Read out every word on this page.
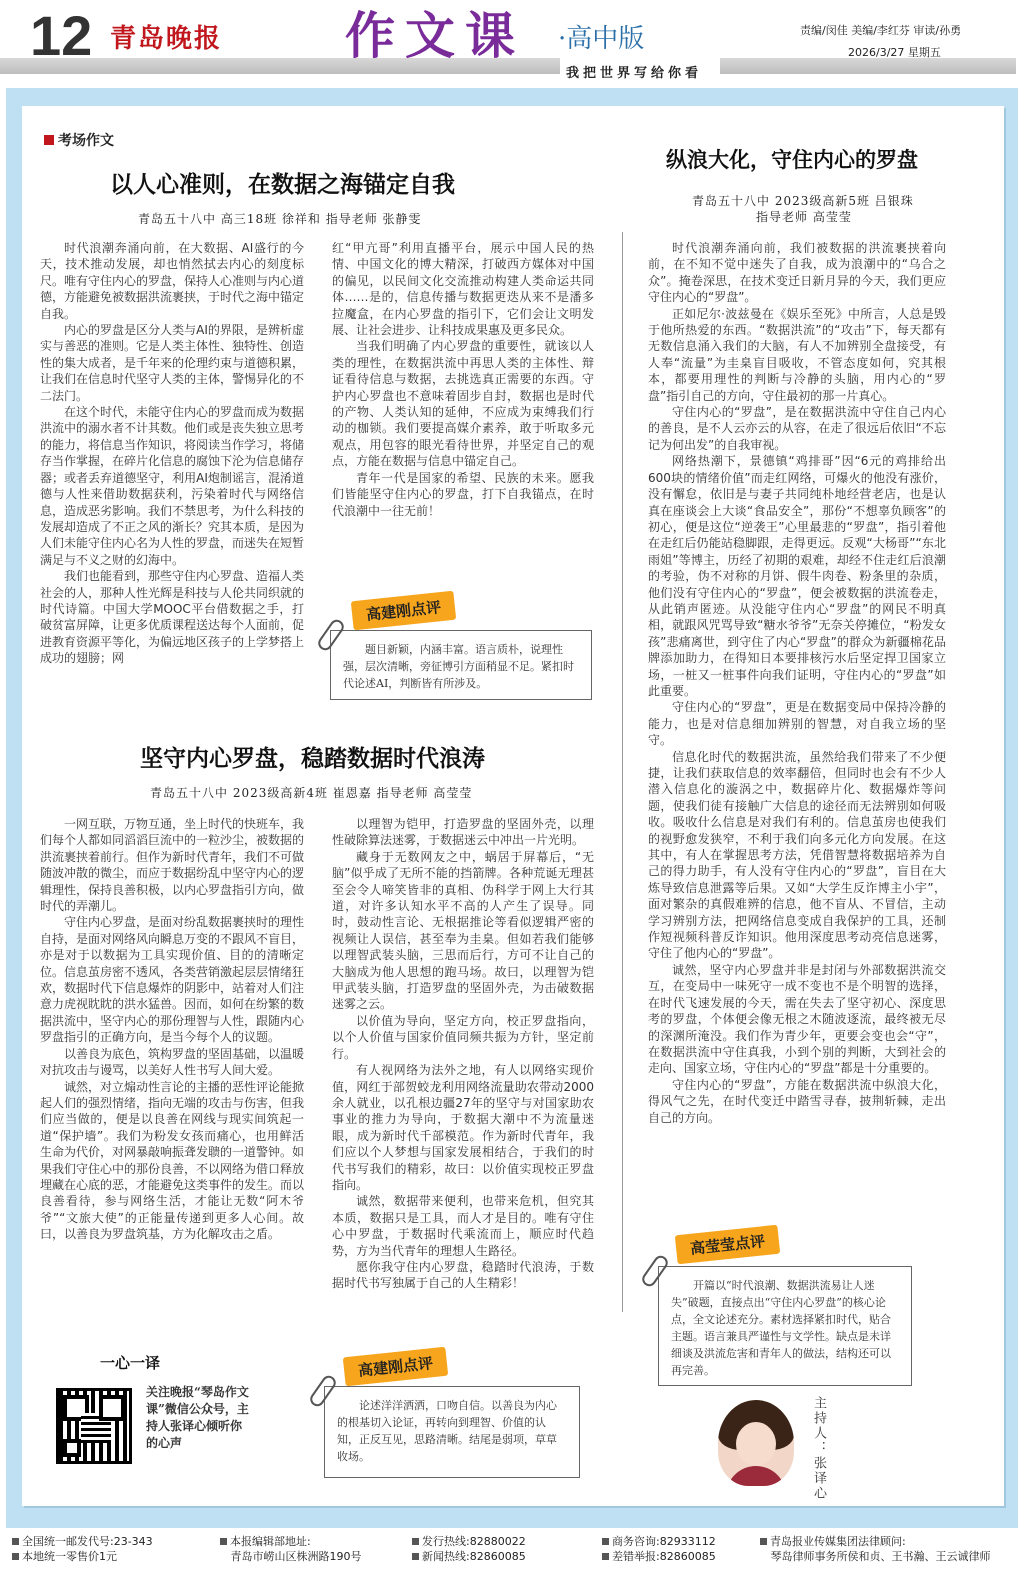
12 青岛晚报 作文课 ·高中版
我把世界写给你看
责编/闵佳 美编/李红芬 审读/孙勇
2026/3/27 星期五
考场作文
以人心准则，在数据之海锚定自我
青岛五十八中 高三18班 徐祥和 指导老师 张静雯

时代浪潮奔涌向前，在大数据、AI盛行的今天，技术推动发展，却也悄然拭去内心的刻度标尺。唯有守住内心的罗盘，保持人心准则与内心道德，方能避免被数据洪流裹挟，于时代之海中锚定自我。

内心的罗盘是区分人类与AI的界限，是辨析虚实与善恶的准则。它是人类主体性、独特性、创造性的集大成者，是千年来的伦理约束与道德积累，让我们在信息时代坚守人类的主体，警惕异化的不二法门。

在这个时代，未能守住内心的罗盘而成为数据洪流中的溺水者不计其数。他们或是丧失独立思考的能力，将信息当作知识，将阅读当作学习，将储存当作掌握，在碎片化信息的腐蚀下沦为信息储存器；或者丢弃道德坚守，利用AI炮制谣言，混淆道德与人性来借助数据获利，污染着时代与网络信息，造成恶劣影响。我们不禁思考，为什么科技的发展却造成了不正之风的渐长？究其本质，是因为人们未能守住内心名为人性的罗盘，而迷失在短暂满足与不义之财的幻海中。

我们也能看到，那些守住内心罗盘、造福人类社会的人，那种人性光辉是科技与人伦共同织就的时代诗篇。中国大学MOOC平台借数据之手，打破贫富屏障，让更多优质课程送达每个人面前，促进教育资源平等化，为偏远地区孩子的上学梦搭上成功的翅膀；网

红“甲亢哥”利用直播平台，展示中国人民的热情、中国文化的博大精深，打破西方媒体对中国的偏见，以民间文化交流推动构建人类命运共同体……是的，信息传播与数据更迭从来不是潘多拉魔盒，在内心罗盘的指引下，它们会让文明发展、让社会进步、让科技成果惠及更多民众。

当我们明确了内心罗盘的重要性，就该以人类的理性，在数据洪流中再思人类的主体性、辩证看待信息与数据，去挑选真正需要的东西。守护内心罗盘也不意味着固步自封，数据也是时代的产物、人类认知的延伸，不应成为束缚我们行动的枷锁。我们要提高媒介素养，敢于听取多元观点，用包容的眼光看待世界，并坚定自己的观点，方能在数据与信息中锚定自己。

青年一代是国家的希望、民族的未来。愿我们皆能坚守住内心的罗盘，打下自我锚点，在时代浪潮中一往无前！

题目新颖，内涵丰富。语言质朴，说理性强，层次清晰，旁征博引方面稍显不足。紧扣时代论述AI，判断皆有所涉及。
高建刚点评
坚守内心罗盘，稳踏数据时代浪涛
青岛五十八中 2023级高新4班 崔恩嘉 指导老师 高莹莹

一网互联，万物互通，坐上时代的快班车，我们每个人都如同滔滔巨流中的一粒沙尘，被数据的洪流裹挟着前行。但作为新时代青年，我们不可做随波冲散的微尘，而应于数据纷乱中坚守内心的逻辑理性，保持良善积极，以内心罗盘指引方向，做时代的弄潮儿。

守住内心罗盘，是面对纷乱数据裹挟时的理性自持，是面对网络风向瞬息万变的不跟风不盲目，亦是对于以数据为工具实现价值、目的的清晰定位。信息茧房密不透风，各类营销激起层层情绪狂欢，数据时代下信息爆炸的阴影中，站着对人们注意力虎视眈眈的洪水猛兽。因而，如何在纷繁的数据洪流中，坚守内心的那份理智与人性，跟随内心罗盘指引的正确方向，是当今每个人的议题。

以善良为底色，筑构罗盘的坚固基础，以温暖对抗攻击与谩骂，以美好人性书写人间大爱。

诚然，对立煽动性言论的主播的恶性评论能掀起人们的强烈情绪，指向无端的攻击与伤害，但我们应当做的，便是以良善在网线与现实间筑起一道“保护墙”。我们为粉发女孩而痛心，也用鲜活生命为代价，对网暴敲响振聋发聩的一道警钟。如果我们守住心中的那份良善，不以网络为借口释放埋藏在心底的恶，才能避免这类事件的发生。而以良善看待，参与网络生活，才能让无数“阿木爷爷”“文旅大使”的正能量传递到更多人心间。故曰，以善良为罗盘筑基，方为化解攻击之盾。

以理智为铠甲，打造罗盘的坚固外壳，以理性破除算法迷雾，于数据迷云中冲出一片光明。

藏身于无数网友之中，蜗居于屏幕后，“无脑”似乎成了无所不能的挡箭牌。各种荒诞无理甚至会令人啼笑皆非的真相、伪科学于网上大行其道，对许多认知水平不高的人产生了误导。同时，鼓动性言论、无根据推论等看似逻辑严密的视频让人误信，甚至奉为圭臬。但如若我们能够以理智武装头脑，三思而后行，方可不让自己的大脑成为他人思想的跑马场。故曰，以理智为铠甲武装头脑，打造罗盘的坚固外壳，为击破数据迷雾之云。

以价值为导向，坚定方向，校正罗盘指向，以个人价值与国家价值同频共振为方针，坚定前行。

有人视网络为法外之地，有人以网络实现价值，网红于部贺蛟龙利用网络流量助农带动2000余人就业，以孔根边疆27年的坚守与对国家助农事业的推力为导向，于数据大潮中不为流量迷眼，成为新时代千部模范。作为新时代青年，我们应以个人梦想与国家发展相结合，于我们的时代书写我们的精彩，故曰：以价值实现校正罗盘指向。

诚然，数据带来便利，也带来危机，但究其本质，数据只是工具，而人才是目的。唯有守住心中罗盘，于数据时代乘流而上，顺应时代趋势，方为当代青年的理想人生路径。

愿你我守住内心罗盘，稳踏时代浪涛，于数据时代书写独属于自己的人生精彩！

论述洋洋洒洒，口吻自信。以善良为内心的根基切入论证，再转向到理智、价值的认知，正反互见，思路清晰。结尾是弱项，草草收场。
高建刚点评
一心一译
关注晚报“琴岛作文课”微信公众号，主持人张译心倾听你的心声
纵浪大化，守住内心的罗盘
青岛五十八中 2023级高新5班 吕银珠
指导老师 高莹莹

时代浪潮奔涌向前，我们被数据的洪流裹挟着向前，在不知不觉中迷失了自我，成为浪潮中的“乌合之众”。掩卷深思，在技术变迁日新月异的今天，我们更应守住内心的“罗盘”。

正如尼尔·波兹曼在《娱乐至死》中所言，人总是毁于他所热爱的东西。“数据洪流”的“攻击”下，每天都有无数信息涌入我们的大脑，有人不加辨别全盘接受，有人奉“流量”为圭臬盲目吸收，不管态度如何，究其根本，都要用理性的判断与冷静的头脑，用内心的“罗盘”指引自己的方向，守住最初的那一片真心。

守住内心的“罗盘”，是在数据洪流中守住自己内心的善良，是不人云亦云的从容，在走了很远后依旧“不忘记为何出发”的自我审视。

网络热潮下，景德镇“鸡排哥”因“6元的鸡排给出600块的情绪价值”而走红网络，可爆火的他没有涨价，没有懈怠，依旧是与妻子共同纯朴地经营老店，也是认真在座谈会上大谈“食品安全”，那份“不想辜负顾客”的初心，便是这位“逆袭王”心里最悲的“罗盘”，指引着他在走红后仍能站稳脚跟，走得更远。反观“大杨哥”“东北雨姐”等博主，历经了初期的艰难，却经不住走红后浪潮的考验，伪不对称的月饼、假牛肉卷、粉条里的杂质，他们没有守住内心的“罗盘”，便会被数据的洪流卷走，从此销声匿迹。从没能守住内心“罗盘”的网民不明真相，就跟风咒骂导致“糖水爷爷”无奈关停摊位，“粉发女孩”悲痛离世，到守住了内心“罗盘”的群众为新疆棉花品牌添加助力，在得知日本要排核污水后坚定捍卫国家立场，一桩又一桩事件向我们证明，守住内心的“罗盘”如此重要。

守住内心的“罗盘”，更是在数据变局中保持冷静的能力，也是对信息细加辨别的智慧，对自我立场的坚守。

信息化时代的数据洪流，虽然给我们带来了不少便捷，让我们获取信息的效率翻倍，但同时也会有不少人潜入信息化的漩涡之中，数据碎片化、数据爆炸等问题，使我们徒有接触广大信息的途径而无法辨别如何吸收。吸收什么信息是对我们有利的。信息茧房也使我们的视野愈发狭窄，不利于我们向多元化方向发展。在这其中，有人在掌握思考方法，凭借智慧将数据培养为自己的得力助手，有人没有守住内心的“罗盘”，盲目在大炼导致信息泄露等后果。又如“大学生反诈博主小宇”，面对繁杂的真假难辨的信息，他不盲从、不冒信，主动学习辨别方法，把网络信息变成自我保护的工具，还制作短视频科普反诈知识。他用深度思考动亮信息迷雾，守住了他内心的“罗盘”。

诚然，坚守内心罗盘并非是封闭与外部数据洪流交互，在变局中一味死守一成不变也不是个明智的选择，在时代飞速发展的今天，需在失去了坚守初心、深度思考的罗盘，个体便会像无根之木随波逐流，最终被无尽的深渊所淹没。我们作为青少年，更要会变也会“守”，在数据洪流中守住真我，小到个别的判断，大到社会的走向、国家立场，守住内心的“罗盘”都是十分重要的。

守住内心的“罗盘”，方能在数据洪流中纵浪大化，得风气之先，在时代变迁中踏雪寻春，披荆斩棘，走出自己的方向。

开篇以“时代浪潮、数据洪流易让人迷失”破题，直接点出“守住内心罗盘”的核心论点，全文论述充分。素材选择紧扣时代，贴合主题。语言兼具严谨性与文学性。缺点是未详细谈及洪流危害和青年人的做法，结构还可以再完善。
高莹莹点评
主持人：张译心
全国统一邮发代号:23-343
本地统一零售价1元
本报编辑部地址:
青岛市崂山区株洲路190号
发行热线:82880022
新闻热线:82860085
商务咨询:82933112
差错举报:82860085
青岛报业传媒集团法律顾问:
琴岛律师事务所侯和贞、王书瀚、王云诚律师
